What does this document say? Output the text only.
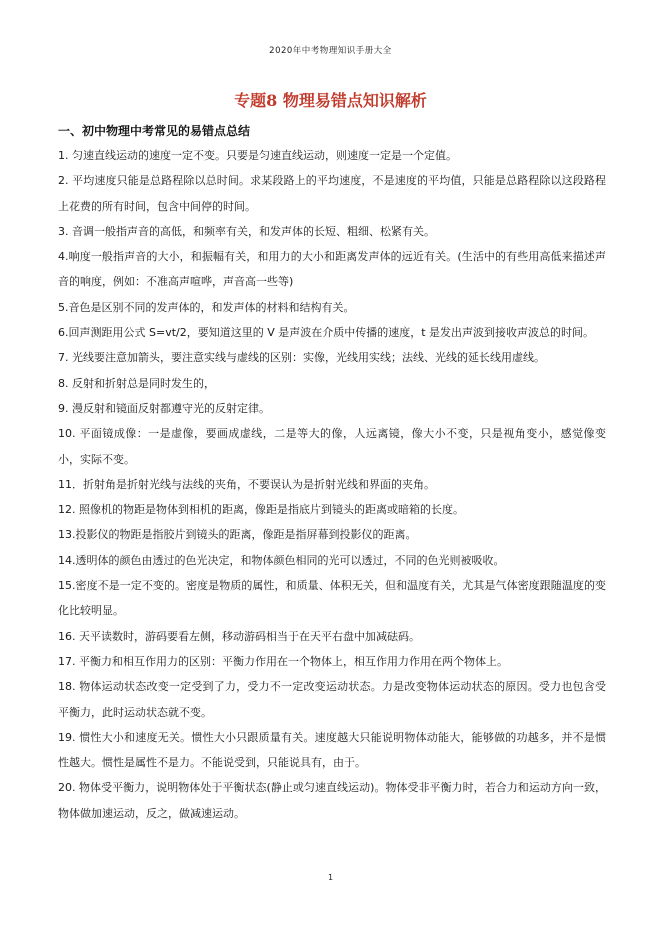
2020年中考物理知识手册大全
专题8 物理易错点知识解析
一、初中物理中考常见的易错点总结

1. 匀速直线运动的速度一定不变。只要是匀速直线运动，则速度一定是一个定值。

2. 平均速度只能是总路程除以总时间。求某段路上的平均速度，不是速度的平均值，只能是总路程除以这段路程上花费的所有时间，包含中间停的时间。

3. 音调一般指声音的高低，和频率有关，和发声体的长短、粗细、松紧有关。

4.响度一般指声音的大小，和振幅有关，和用力的大小和距离发声体的远近有关。(生活中的有些用高低来描述声音的响度，例如：不准高声喧哗，声音高一些等)

5.音色是区别不同的发声体的，和发声体的材料和结构有关。

6.回声测距用公式 S=vt/2，要知道这里的 V 是声波在介质中传播的速度，t 是发出声波到接收声波总的时间。

7. 光线要注意加箭头，要注意实线与虚线的区别：实像，光线用实线；法线、光线的延长线用虚线。

8. 反射和折射总是同时发生的，

9. 漫反射和镜面反射都遵守光的反射定律。

10. 平面镜成像：一是虚像，要画成虚线，二是等大的像，人远离镜，像大小不变，只是视角变小，感觉像变小，实际不变。

11．折射角是折射光线与法线的夹角，不要误认为是折射光线和界面的夹角。

12. 照像机的物距是物体到相机的距离，像距是指底片到镜头的距离或暗箱的长度。

13.投影仪的物距是指胶片到镜头的距离，像距是指屏幕到投影仪的距离。

14.透明体的颜色由透过的色光决定，和物体颜色相同的光可以透过，不同的色光则被吸收。

15.密度不是一定不变的。密度是物质的属性，和质量、体积无关，但和温度有关，尤其是气体密度跟随温度的变化比较明显。

16. 天平读数时，游码要看左侧，移动游码相当于在天平右盘中加减砝码。

17. 平衡力和相互作用力的区别：平衡力作用在一个物体上，相互作用力作用在两个物体上。

18. 物体运动状态改变一定受到了力，受力不一定改变运动状态。力是改变物体运动状态的原因。受力也包含受平衡力，此时运动状态就不变。

19. 惯性大小和速度无关。惯性大小只跟质量有关。速度越大只能说明物体动能大，能够做的功越多，并不是惯性越大。惯性是属性不是力。不能说受到，只能说具有，由于。

20. 物体受平衡力，说明物体处于平衡状态(静止或匀速直线运动)。物体受非平衡力时，若合力和运动方向一致，物体做加速运动，反之，做减速运动。

1
